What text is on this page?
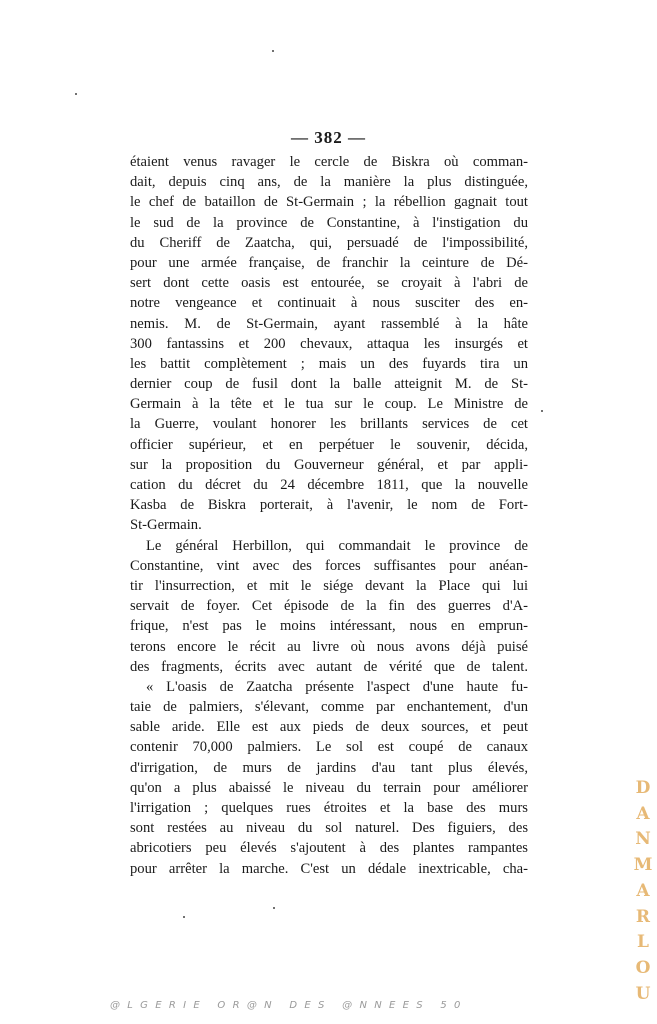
— 382 —
étaient venus ravager le cercle de Biskra où comman-
dait, depuis cinq ans, de la manière la plus distinguée,
le chef de bataillon de St-Germain ; la rébellion gagnait tout
le sud de la province de Constantine, à l'instigation du
du Cheriff de Zaatcha, qui, persuadé de l'impossibilité,
pour une armée française, de franchir la ceinture de Dé-
sert dont cette oasis est entourée, se croyait à l'abri de
notre vengeance et continuait à nous susciter des en-
nemis. M. de St-Germain, ayant rassemblé à la hâte
300 fantassins et 200 chevaux, attaqua les insurgés et
les battit complètement ; mais un des fuyards tira un
dernier coup de fusil dont la balle atteignit M. de St-
Germain à la tête et le tua sur le coup. Le Ministre de
la Guerre, voulant honorer les brillants services de cet
officier supérieur, et en perpétuer le souvenir, décida,
sur la proposition du Gouverneur général, et par appli-
cation du décret du 24 décembre 1811, que la nouvelle
Kasba de Biskra porterait, à l'avenir, le nom de Fort-
St-Germain.
Le général Herbillon, qui commandait le province de
Constantine, vint avec des forces suffisantes pour anéan-
tir l'insurrection, et mit le siége devant la Place qui lui
servait de foyer. Cet épisode de la fin des guerres d'A-
frique, n'est pas le moins intéressant, nous en emprun-
terons encore le récit au livre où nous avons déjà puisé
des fragments, écrits avec autant de vérité que de talent.
« L'oasis de Zaatcha présente l'aspect d'une haute fu-
taie de palmiers, s'élevant, comme par enchantement, d'un
sable aride. Elle est aux pieds de deux sources, et peut
contenir 70,000 palmiers. Le sol est coupé de canaux
d'irrigation, de murs de jardins d'au tant plus élevés,
qu'on a plus abaissé le niveau du terrain pour améliorer
l'irrigation ; quelques rues étroites et la base des murs
sont restées au niveau du sol naturel. Des figuiers, des
abricotiers peu élevés s'ajoutent à des plantes rampantes
pour arrêter la marche. C'est un dédale inextricable, cha-
D
A
N
M
A
R
L
O
U
@LGERIE OR@N DES @NNEES 50
